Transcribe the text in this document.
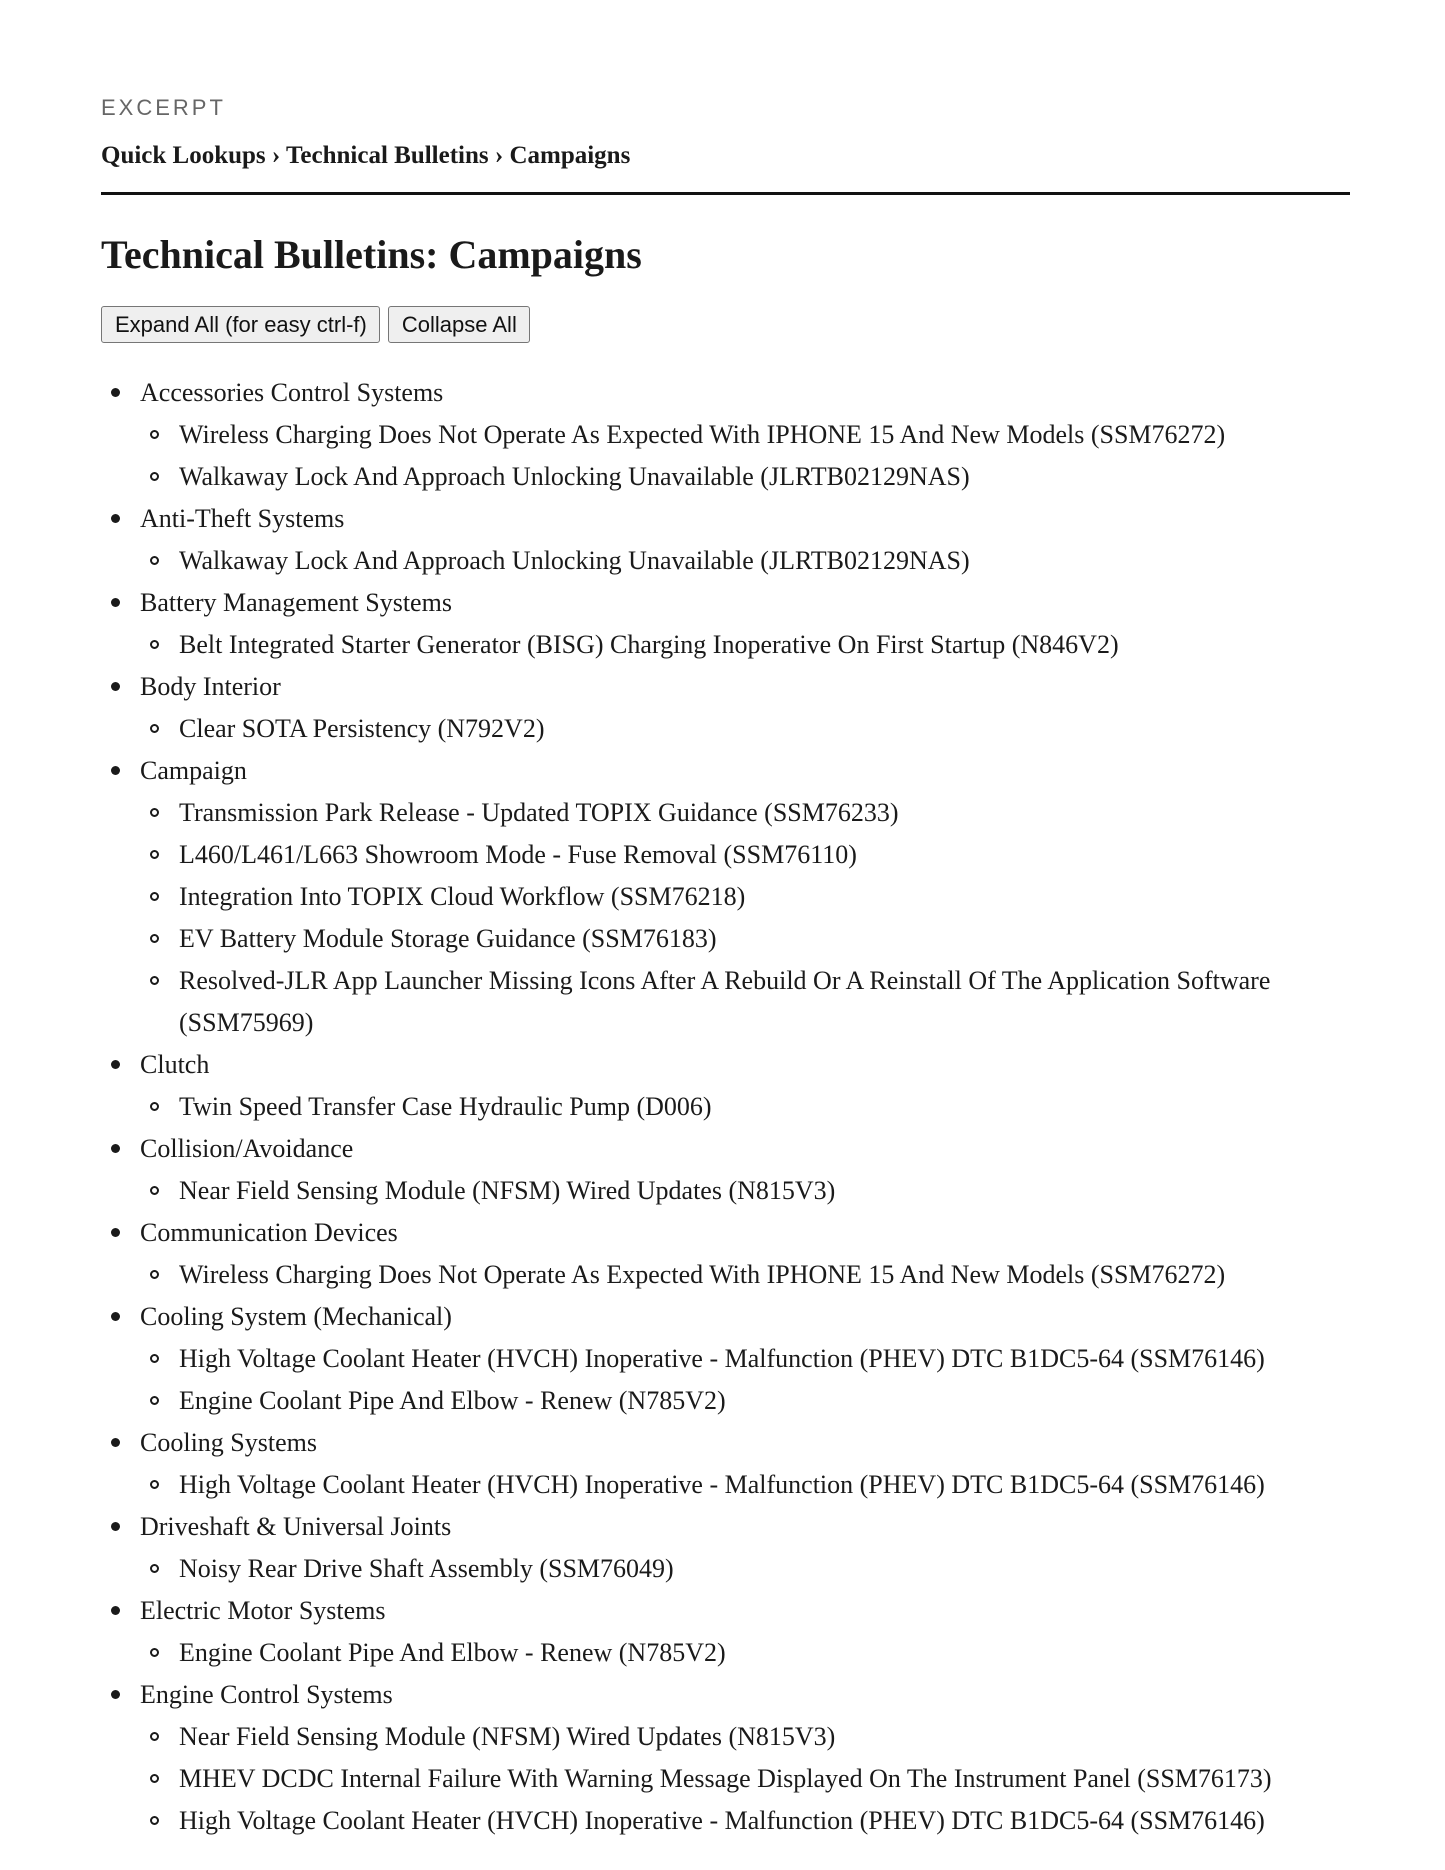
EXCERPT
Quick Lookups › Technical Bulletins › Campaigns
Technical Bulletins: Campaigns
Expand All (for easy ctrl-f)	Collapse All
Accessories Control Systems
Wireless Charging Does Not Operate As Expected With IPHONE 15 And New Models (SSM76272)
Walkaway Lock And Approach Unlocking Unavailable (JLRTB02129NAS)
Anti-Theft Systems
Walkaway Lock And Approach Unlocking Unavailable (JLRTB02129NAS)
Battery Management Systems
Belt Integrated Starter Generator (BISG) Charging Inoperative On First Startup (N846V2)
Body Interior
Clear SOTA Persistency (N792V2)
Campaign
Transmission Park Release - Updated TOPIX Guidance (SSM76233)
L460/L461/L663 Showroom Mode - Fuse Removal (SSM76110)
Integration Into TOPIX Cloud Workflow (SSM76218)
EV Battery Module Storage Guidance (SSM76183)
Resolved-JLR App Launcher Missing Icons After A Rebuild Or A Reinstall Of The Application Software (SSM75969)
Clutch
Twin Speed Transfer Case Hydraulic Pump (D006)
Collision/Avoidance
Near Field Sensing Module (NFSM) Wired Updates (N815V3)
Communication Devices
Wireless Charging Does Not Operate As Expected With IPHONE 15 And New Models (SSM76272)
Cooling System (Mechanical)
High Voltage Coolant Heater (HVCH) Inoperative - Malfunction (PHEV) DTC B1DC5-64 (SSM76146)
Engine Coolant Pipe And Elbow - Renew (N785V2)
Cooling Systems
High Voltage Coolant Heater (HVCH) Inoperative - Malfunction (PHEV) DTC B1DC5-64 (SSM76146)
Driveshaft & Universal Joints
Noisy Rear Drive Shaft Assembly (SSM76049)
Electric Motor Systems
Engine Coolant Pipe And Elbow - Renew (N785V2)
Engine Control Systems
Near Field Sensing Module (NFSM) Wired Updates (N815V3)
MHEV DCDC Internal Failure With Warning Message Displayed On The Instrument Panel (SSM76173)
High Voltage Coolant Heater (HVCH) Inoperative - Malfunction (PHEV) DTC B1DC5-64 (SSM76146)
